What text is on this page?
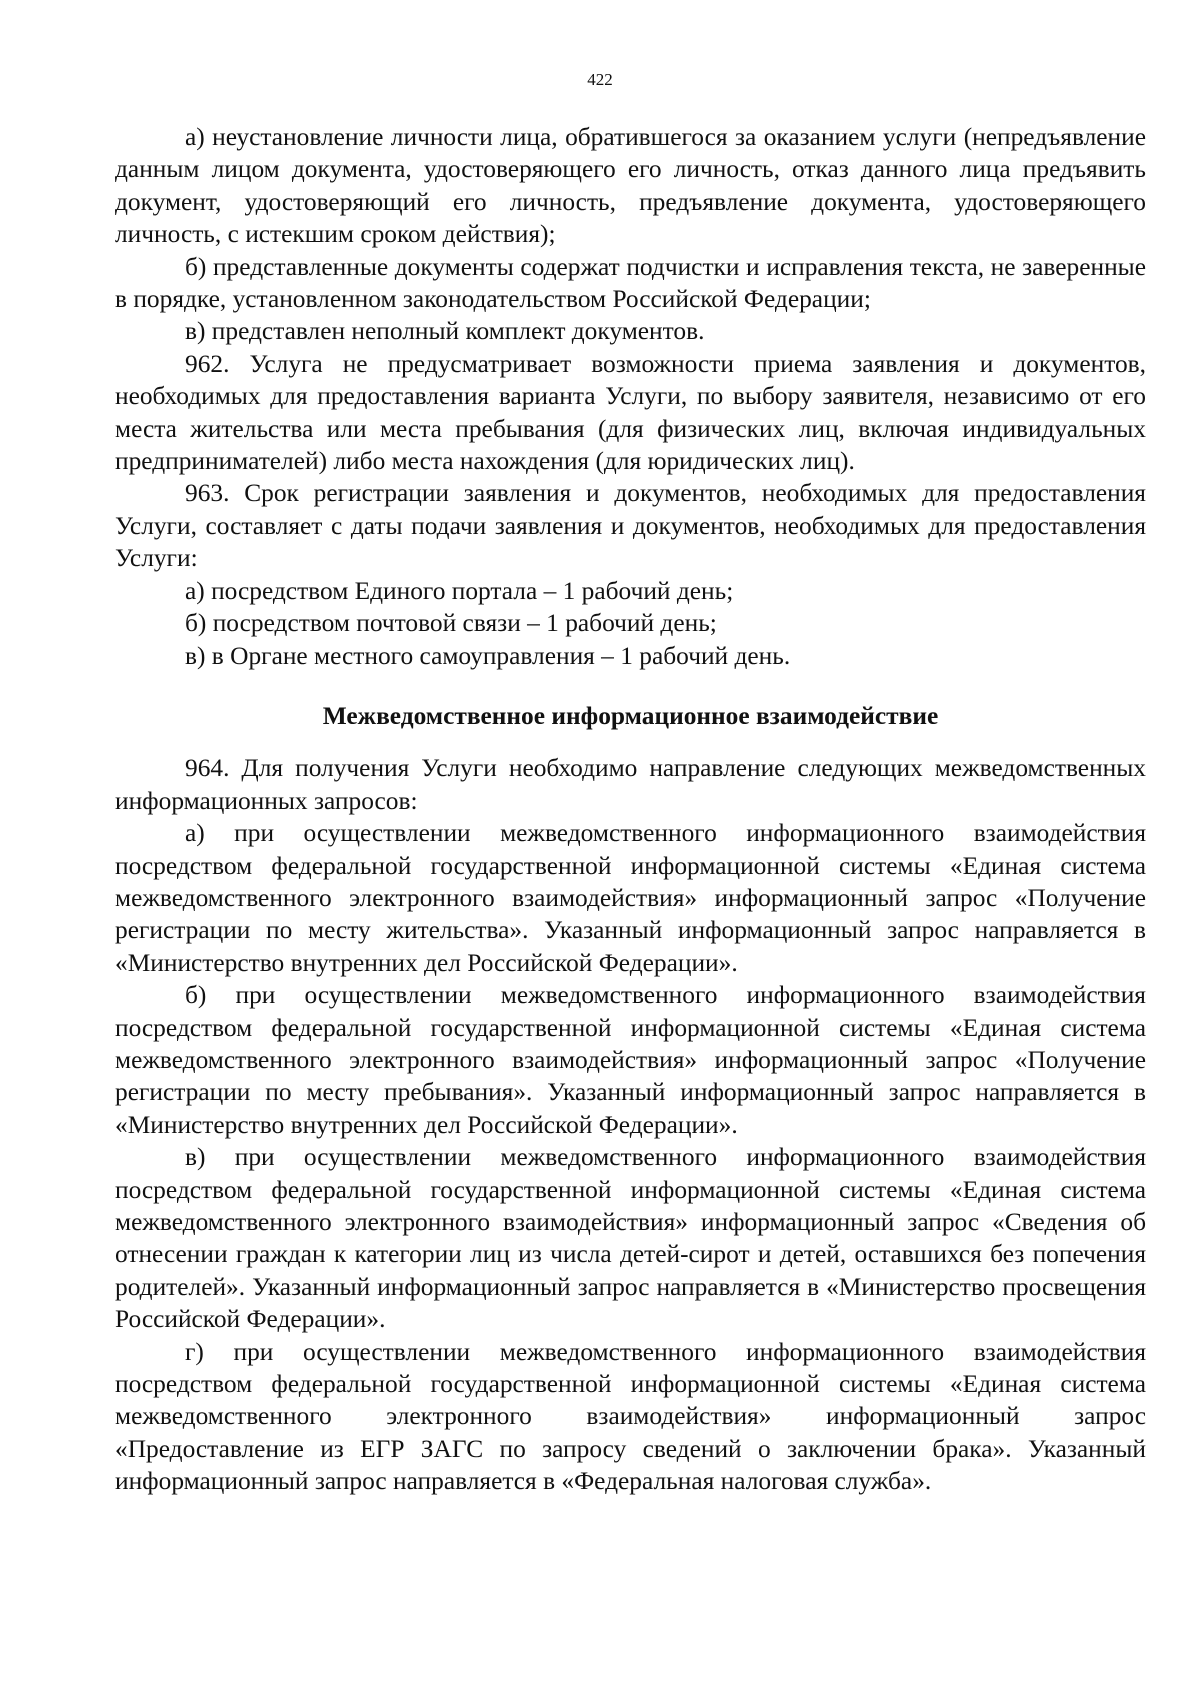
422

а) неустановление личности лица, обратившегося за оказанием услуги (непредъявление данным лицом документа, удостоверяющего его личность, отказ данного лица предъявить документ, удостоверяющий его личность, предъявление документа, удостоверяющего личность, с истекшим сроком действия);

б) представленные документы содержат подчистки и исправления текста, не заверенные в порядке, установленном законодательством Российской Федерации;

в) представлен неполный комплект документов.

962. Услуга не предусматривает возможности приема заявления и документов, необходимых для предоставления варианта Услуги, по выбору заявителя, независимо от его места жительства или места пребывания (для физических лиц, включая индивидуальных предпринимателей) либо места нахождения (для юридических лиц).

963. Срок регистрации заявления и документов, необходимых для предоставления Услуги, составляет с даты подачи заявления и документов, необходимых для предоставления Услуги:

а) посредством Единого портала – 1 рабочий день;

б) посредством почтовой связи – 1 рабочий день;

в) в Органе местного самоуправления – 1 рабочий день.

Межведомственное информационное взаимодействие

964. Для получения Услуги необходимо направление следующих межведомственных информационных запросов:

а) при осуществлении межведомственного информационного взаимодействия посредством федеральной государственной информационной системы «Единая система межведомственного электронного взаимодействия» информационный запрос «Получение регистрации по месту жительства». Указанный информационный запрос направляется в «Министерство внутренних дел Российской Федерации».

б) при осуществлении межведомственного информационного взаимодействия посредством федеральной государственной информационной системы «Единая система межведомственного электронного взаимодействия» информационный запрос «Получение регистрации по месту пребывания». Указанный информационный запрос направляется в «Министерство внутренних дел Российской Федерации».

в) при осуществлении межведомственного информационного взаимодействия посредством федеральной государственной информационной системы «Единая система межведомственного электронного взаимодействия» информационный запрос «Сведения об отнесении граждан к категории лиц из числа детей-сирот и детей, оставшихся без попечения родителей». Указанный информационный запрос направляется в «Министерство просвещения Российской Федерации».

г) при осуществлении межведомственного информационного взаимодействия посредством федеральной государственной информационной системы «Единая система межведомственного электронного взаимодействия» информационный запрос «Предоставление из ЕГР ЗАГС по запросу сведений о заключении брака». Указанный информационный запрос направляется в «Федеральная налоговая служба».
